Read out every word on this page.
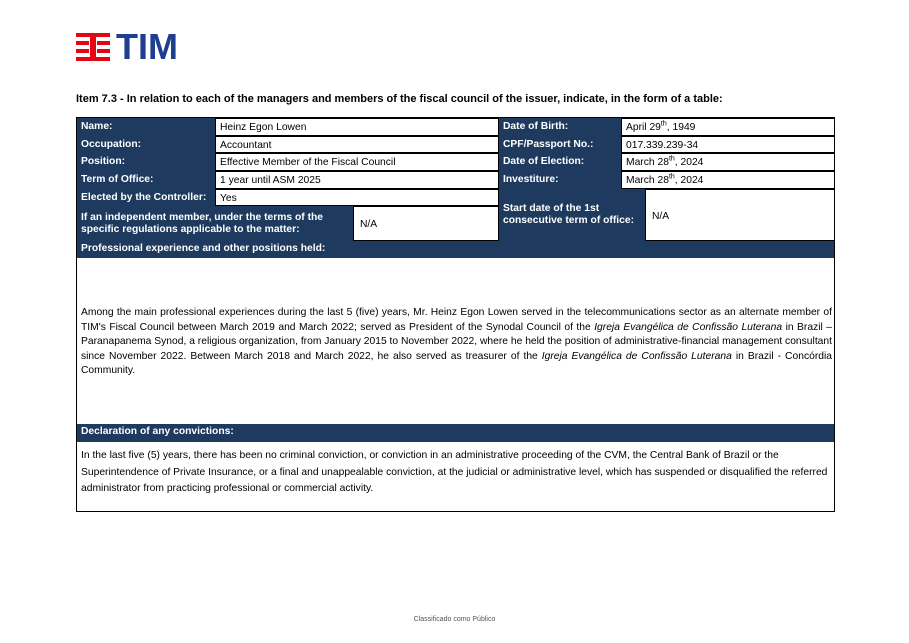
TIM
Item 7.3 - In relation to each of the managers and members of the fiscal council of the issuer, indicate, in the form of a table:
Name:	Heinz Egon Lowen	Date of Birth:	April 29th, 1949
Occupation:	Accountant	CPF/Passport No.:	017.339.239-34
Position:	Effective Member of the Fiscal Council	Date of Election:	March 28th, 2024
Term of Office:	1 year until ASM 2025	Investiture:	March 28th, 2024
Elected by the Controller:	Yes
Start date of the 1st consecutive term of office:	N/A
If an independent member, under the terms of the specific regulations applicable to the matter:	N/A
Professional experience and other positions held:
Among the main professional experiences during the last 5 (five) years, Mr. Heinz Egon Lowen served in the telecommunications sector as an alternate member of TIM's Fiscal Council between March 2019 and March 2022; served as President of the Synodal Council of the Igreja Evangélica de Confissão Luterana in Brazil – Paranapanema Synod, a religious organization, from January 2015 to November 2022, where he held the position of administrative-financial management consultant since November 2022. Between March 2018 and March 2022, he also served as treasurer of the Igreja Evangélica de Confissão Luterana in Brazil - Concórdia Community.
Declaration of any convictions:
In the last five (5) years, there has been no criminal conviction, or conviction in an administrative proceeding of the CVM, the Central Bank of Brazil or the Superintendence of Private Insurance, or a final and unappealable conviction, at the judicial or administrative level, which has suspended or disqualified the referred administrator from practicing professional or commercial activity.
Classificado como Público
